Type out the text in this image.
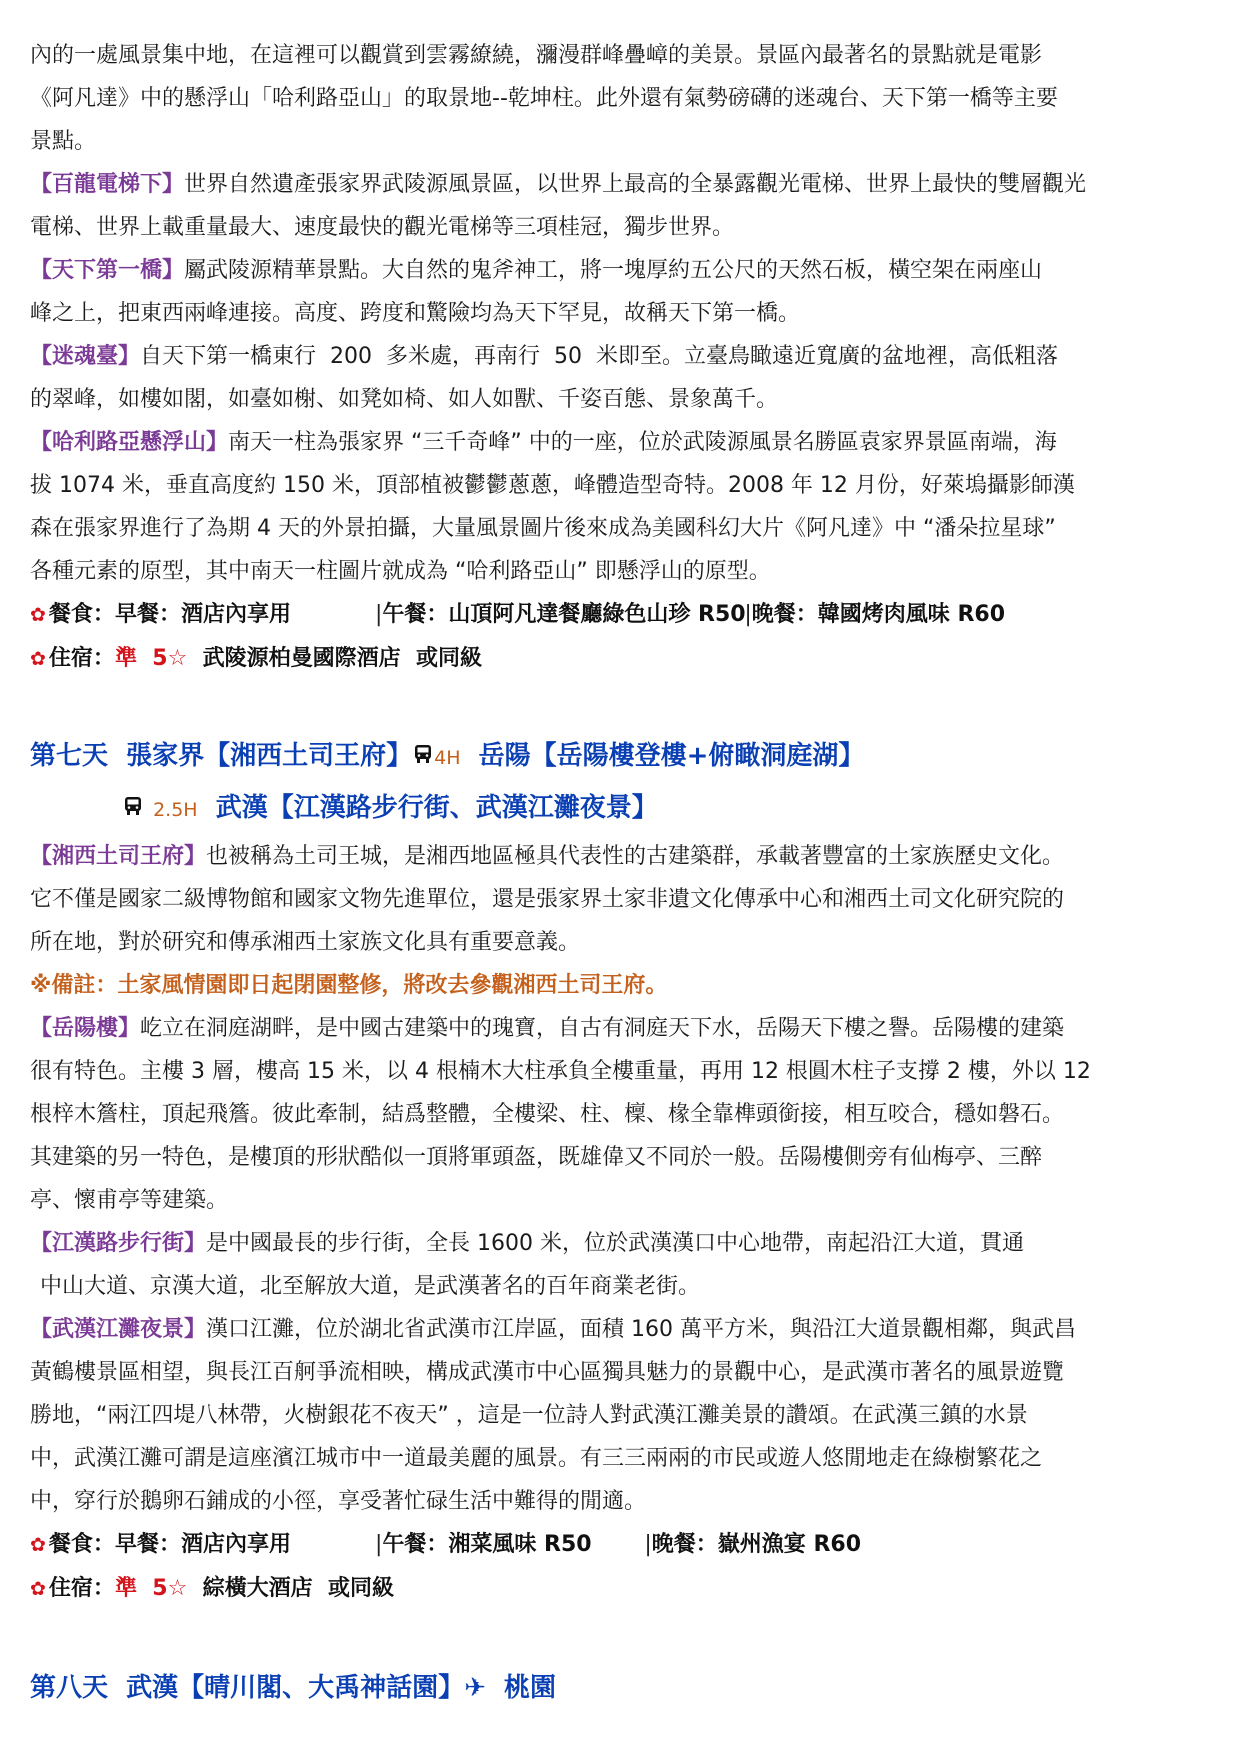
內的一處風景集中地，在這裡可以觀賞到雲霧繚繞，瀰漫群峰疊嶂的美景。景區內最著名的景點就是電影

《阿凡達》中的懸浮山「哈利路亞山」的取景地--乾坤柱。此外還有氣勢磅礴的迷魂台、天下第一橋等主要

景點。

【百龍電梯下】世界自然遺產張家界武陵源風景區，以世界上最高的全暴露觀光電梯、世界上最快的雙層觀光

電梯、世界上載重量最大、速度最快的觀光電梯等三項桂冠，獨步世界。

【天下第一橋】屬武陵源精華景點。大自然的鬼斧神工，將一塊厚約五公尺的天然石板，橫空架在兩座山

峰之上，把東西兩峰連接。高度、跨度和驚險均為天下罕見，故稱天下第一橋。

【迷魂臺】自天下第一橋東行  200  多米處，再南行  50  米即至。立臺鳥瞰遠近寬廣的盆地裡，高低粗落

的翠峰，如樓如閣，如臺如榭、如凳如椅、如人如獸、千姿百態、景象萬千。

【哈利路亞懸浮山】南天一柱為張家界 “三千奇峰” 中的一座，位於武陵源風景名勝區袁家界景區南端，海

拔 1074 米，垂直高度約 150 米，頂部植被鬱鬱蔥蔥，峰體造型奇特。2008 年 12 月份，好萊塢攝影師漢

森在張家界進行了為期 4 天的外景拍攝，大量風景圖片後來成為美國科幻大片《阿凡達》中 “潘朵拉星球”

各種元素的原型，其中南天一柱圖片就成為 “哈利路亞山” 即懸浮山的原型。

✿ 餐食：早餐：酒店內享用	|午餐：山頂阿凡達餐廳綠色山珍 R50|晚餐：韓國烤肉風味 R60

✿ 住宿：準  5☆ 武陵源柏曼國際酒店  或同級

第七天  張家界【湘西土司王府】 4H 岳陽【岳陽樓登樓+俯瞰洞庭湖】

2.5H 武漢【江漢路步行街、武漢江灘夜景】

【湘西土司王府】也被稱為土司王城，是湘西地區極具代表性的古建築群，承載著豐富的土家族歷史文化。

它不僅是國家二級博物館和國家文物先進單位，還是張家界土家非遺文化傳承中心和湘西土司文化研究院的

所在地，對於研究和傳承湘西土家族文化具有重要意義。

※備註：土家風情園即日起閉園整修，將改去參觀湘西土司王府。

【岳陽樓】屹立在洞庭湖畔，是中國古建築中的瑰寶，自古有洞庭天下水，岳陽天下樓之譽。岳陽樓的建築

很有特色。主樓 3 層，樓高 15 米，以 4 根楠木大柱承負全樓重量，再用 12 根圓木柱子支撐 2 樓，外以 12

根梓木簷柱，頂起飛簷。彼此牽制，結爲整體，全樓梁、柱、檁、椽全靠榫頭銜接，相互咬合，穩如磐石。

其建築的另一特色，是樓頂的形狀酷似一頂將軍頭盔，既雄偉又不同於一般。岳陽樓側旁有仙梅亭、三醉

亭、懷甫亭等建築。

【江漢路步行街】是中國最長的步行街，全長 1600 米，位於武漢漢口中心地帶，南起沿江大道，貫通

中山大道、京漢大道，北至解放大道，是武漢著名的百年商業老街。

【武漢江灘夜景】漢口江灘，位於湖北省武漢市江岸區，面積 160 萬平方米，與沿江大道景觀相鄰，與武昌

黃鶴樓景區相望，與長江百舸爭流相映，構成武漢市中心區獨具魅力的景觀中心，是武漢市著名的風景遊覽

勝地，“兩江四堤八林帶，火樹銀花不夜天” ，這是一位詩人對武漢江灘美景的讚頌。在武漢三鎮的水景

中，武漢江灘可謂是這座濱江城市中一道最美麗的風景。有三三兩兩的市民或遊人悠閒地走在綠樹繁花之

中，穿行於鵝卵石鋪成的小徑，享受著忙碌生活中難得的閒適。

✿ 餐食：早餐：酒店內享用	|午餐：湘菜風味 R50 |晚餐：嶽州漁宴 R60

✿ 住宿：準  5☆ 綜橫大酒店  或同級

第八天  武漢【晴川閣、大禹神話園】✈ 桃園
